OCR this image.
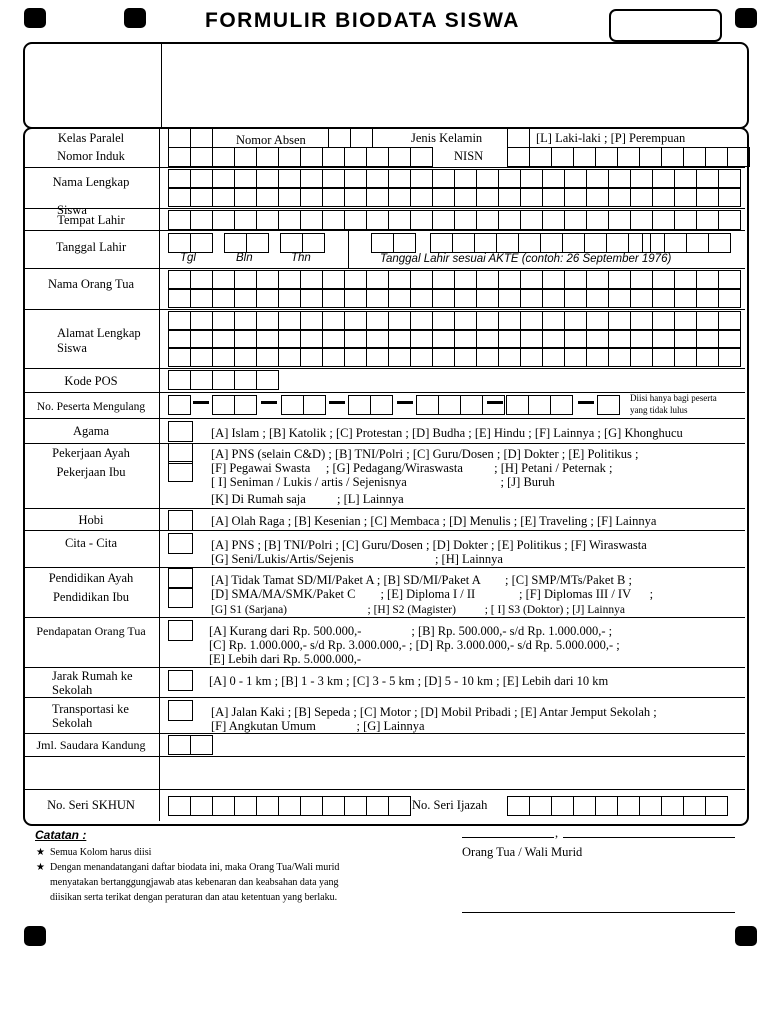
FORMULIR BIODATA SISWA
Kelas Paralel	Nomor Absen	Jenis Kelamin	[L] Laki-laki ; [P] Perempuan
Nomor Induk	NISN
Nama Lengkap
Siswa
Tempat Lahir
Tanggal Lahir
Tgl	Bln	Thn	Tanggal Lahir sesuai AKTE (contoh: 26 September 1976)
Nama Orang Tua
Alamat Lengkap
Siswa
Kode POS
No. Peserta Mengulang
Diisi hanya bagi peserta
yang tidak lulus
Agama	[A] Islam ; [B] Katolik ; [C] Protestan ; [D] Budha ; [E] Hindu ; [F] Lainnya ; [G] Khonghucu
Pekerjaan Ayah
Pekerjaan Ibu
[A] PNS (selain C&D) ; [B] TNI/Polri ; [C] Guru/Dosen ; [D] Dokter ; [E] Politikus ;
[F] Pegawai Swasta     ; [G] Pedagang/Wiraswasta          ; [H] Petani / Peternak ;
[ I] Seniman / Lukis / artis / Sejenisnya                              ; [J] Buruh
[K] Di Rumah saja          ; [L] Lainnya
Hobi	[A] Olah Raga ; [B] Kesenian ; [C] Membaca ; [D] Menulis ; [E] Traveling ; [F] Lainnya
Cita - Cita	[A] PNS ; [B] TNI/Polri ; [C] Guru/Dosen ; [D] Dokter ; [E] Politikus ; [F] Wiraswasta
[G] Seni/Lukis/Artis/Sejenis                          ; [H] Lainnya
Pendidikan Ayah
Pendidikan Ibu
[A] Tidak Tamat SD/MI/Paket A ; [B] SD/MI/Paket A        ; [C] SMP/MTs/Paket B ;
[D] SMA/MA/SMK/Paket C        ; [E] Diploma I / II              ; [F] Diplomas III / IV      ;
[G] S1 (Sarjana)                            ; [H] S2 (Magister)          ; [ I] S3 (Doktor) ; [J] Lainnya
Pendapatan Orang Tua	[A] Kurang dari Rp. 500.000,-                ; [B] Rp. 500.000,- s/d Rp. 1.000.000,- ;
[C] Rp. 1.000.000,- s/d Rp. 3.000.000,- ; [D] Rp. 3.000.000,- s/d Rp. 5.000.000,- ;
[E] Lebih dari Rp. 5.000.000,-
Jarak Rumah ke
Sekolah
[A] 0 - 1 km ; [B] 1 - 3 km ; [C] 3 - 5 km ; [D] 5 - 10 km ; [E] Lebih dari 10 km
Transportasi ke
Sekolah
[A] Jalan Kaki ; [B] Sepeda ; [C] Motor ; [D] Mobil Pribadi ; [E] Antar Jemput Sekolah ;
[F] Angkutan Umum             ; [G] Lainnya
Jml. Saudara Kandung
No. Seri SKHUN	No. Seri Ijazah
Catatan :
★ Semua Kolom harus diisi
★ Dengan menandatangani daftar biodata ini, maka Orang Tua/Wali murid
menyatakan bertanggungjawab atas kebenaran dan keabsahan data yang
diisikan serta terikat dengan peraturan dan atau ketentuan yang berlaku.
,
Orang Tua / Wali Murid
